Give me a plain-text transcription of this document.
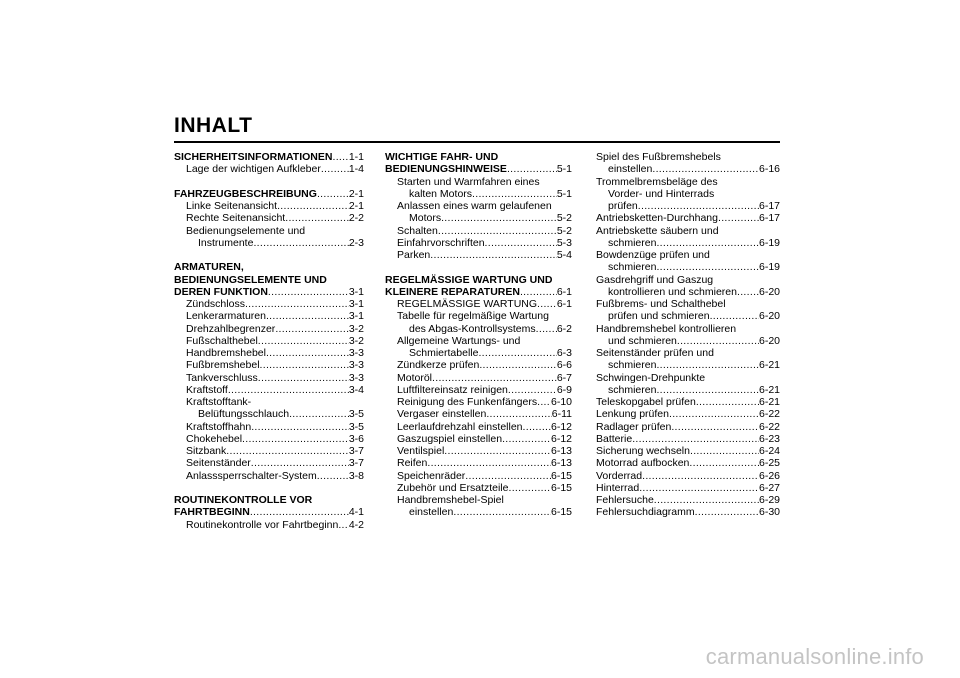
INHALT
SICHERHEITSINFORMATIONEN ..... 1-1
Lage der wichtigen Aufkleber .....	1-4
FAHRZEUGBESCHREIBUNG .....	2-1
Linke Seitenansicht .....	2-1
Rechte Seitenansicht .....	2-2
Bedienungselemente und
Instrumente .....	2-3
ARMATUREN,
BEDIENUNGSELEMENTE UND
DEREN FUNKTION .....	3-1
Zündschloss .....	3-1
Lenkerarmaturen .....	3-1
Drehzahlbegrenzer .....	3-2
Fußschalthebel .....	3-2
Handbremshebel .....	3-3
Fußbremshebel .....	3-3
Tankverschluss .....	3-3
Kraftstoff .....	3-4
Kraftstofftank-
Belüftungsschlauch .....	3-5
Kraftstoffhahn .....	3-5
Chokehebel .....	3-6
Sitzbank .....	3-7
Seitenständer .....	3-7
Anlasssperrschalter-System .....	3-8
ROUTINEKONTROLLE VOR
FAHRTBEGINN .....	4-1
Routinekontrolle vor Fahrtbeginn ..... 4-2
WICHTIGE FAHR- UND
BEDIENUNGSHINWEISE .....	5-1
Starten und Warmfahren eines
kalten Motors .....	5-1
Anlassen eines warm gelaufenen
Motors .....	5-2
Schalten .....	5-2
Einfahrvorschriften .....	5-3
Parken .....	5-4
REGELMÄSSIGE WARTUNG UND
KLEINERE REPARATUREN .....	6-1
REGELMÄSSIGE WARTUNG ..... 6-1
Tabelle für regelmäßige Wartung
des Abgas-Kontrollsystems ..... 6-2
Allgemeine Wartungs- und
Schmiertabelle .....	6-3
Zündkerze prüfen .....	6-6
Motoröl .....	6-7
Luftfiltereinsatz reinigen .....	6-9
Reinigung des Funkenfängers ..... 6-10
Vergaser einstellen .....	6-11
Leerlaufdrehzahl einstellen .....	6-12
Gaszugspiel einstellen .....	6-12
Ventilspiel .....	6-13
Reifen .....	6-13
Speichenräder .....	6-15
Zubehör und Ersatzteile .....	6-15
Handbremshebel-Spiel
einstellen .....	6-15
Spiel des Fußbremshebels
einstellen .....	6-16
Trommelbremsbeläge des
Vorder- und Hinterrads
prüfen .....	6-17
Antriebsketten-Durchhang .....	6-17
Antriebskette säubern und
schmieren .....	6-19
Bowdenzüge prüfen und
schmieren .....	6-19
Gasdrehgriff und Gaszug
kontrollieren und schmieren ..... 6-20
Fußbrems- und Schalthebel
prüfen und schmieren .....	6-20
Handbremshebel kontrollieren
und schmieren .....	6-20
Seitenständer prüfen und
schmieren .....	6-21
Schwingen-Drehpunkte
schmieren .....	6-21
Teleskopgabel prüfen .....	6-21
Lenkung prüfen .....	6-22
Radlager prüfen .....	6-22
Batterie .....	6-23
Sicherung wechseln .....	6-24
Motorrad aufbocken .....	6-25
Vorderrad .....	6-26
Hinterrad .....	6-27
Fehlersuche .....	6-29
Fehlersuchdiagramm .....	6-30
carmanualsonline.info
